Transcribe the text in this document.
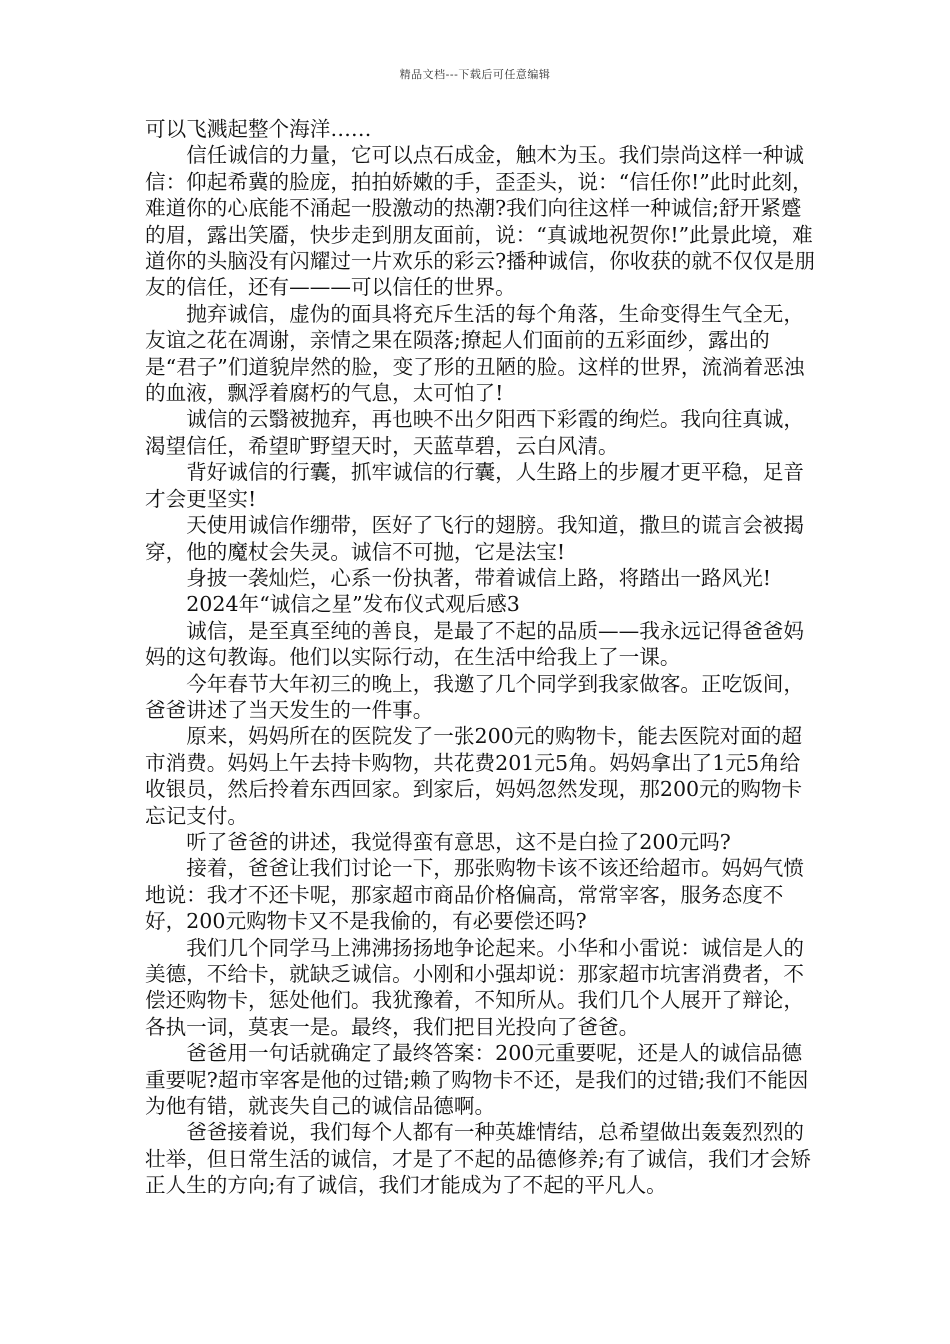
精品文档---下载后可任意编辑

可以飞溅起整个海洋……

信任诚信的力量，它可以点石成金，触木为玉。我们崇尚这样一种诚信：仰起希冀的脸庞，拍拍娇嫩的手，歪歪头，说：“信任你!”此时此刻，难道你的心底能不涌起一股激动的热潮?我们向往这样一种诚信;舒开紧蹙的眉，露出笑靥，快步走到朋友面前，说：“真诚地祝贺你!”此景此境，难道你的头脑没有闪耀过一片欢乐的彩云?播种诚信，你收获的就不仅仅是朋友的信任，还有———可以信任的世界。

抛弃诚信，虚伪的面具将充斥生活的每个角落，生命变得生气全无，友谊之花在凋谢，亲情之果在陨落;撩起人们面前的五彩面纱，露出的是“君子”们道貌岸然的脸，变了形的丑陋的脸。这样的世界，流淌着恶浊的血液，飘浮着腐朽的气息，太可怕了!

诚信的云翳被抛弃，再也映不出夕阳西下彩霞的绚烂。我向往真诚，渴望信任，希望旷野望天时，天蓝草碧，云白风清。

背好诚信的行囊，抓牢诚信的行囊，人生路上的步履才更平稳，足音才会更坚实!

天使用诚信作绷带，医好了飞行的翅膀。我知道，撒旦的谎言会被揭穿，他的魔杖会失灵。诚信不可抛，它是法宝!

身披一袭灿烂，心系一份执著，带着诚信上路，将踏出一路风光!

2024年“诚信之星”发布仪式观后感3

诚信，是至真至纯的善良，是最了不起的品质——我永远记得爸爸妈妈的这句教诲。他们以实际行动，在生活中给我上了一课。

今年春节大年初三的晚上，我邀了几个同学到我家做客。正吃饭间，爸爸讲述了当天发生的一件事。

原来，妈妈所在的医院发了一张200元的购物卡，能去医院对面的超市消费。妈妈上午去持卡购物，共花费201元5角。妈妈拿出了1元5角给收银员，然后拎着东西回家。到家后，妈妈忽然发现，那200元的购物卡忘记支付。

听了爸爸的讲述，我觉得蛮有意思，这不是白捡了200元吗?

接着，爸爸让我们讨论一下，那张购物卡该不该还给超市。妈妈气愤地说：我才不还卡呢，那家超市商品价格偏高，常常宰客，服务态度不好，200元购物卡又不是我偷的，有必要偿还吗?

我们几个同学马上沸沸扬扬地争论起来。小华和小雷说：诚信是人的美德，不给卡，就缺乏诚信。小刚和小强却说：那家超市坑害消费者，不偿还购物卡，惩处他们。我犹豫着，不知所从。我们几个人展开了辩论，各执一词，莫衷一是。最终，我们把目光投向了爸爸。

爸爸用一句话就确定了最终答案：200元重要呢，还是人的诚信品德重要呢?超市宰客是他的过错;赖了购物卡不还，是我们的过错;我们不能因为他有错，就丧失自己的诚信品德啊。

爸爸接着说，我们每个人都有一种英雄情结，总希望做出轰轰烈烈的壮举，但日常生活的诚信，才是了不起的品德修养;有了诚信，我们才会矫正人生的方向;有了诚信，我们才能成为了不起的平凡人。
